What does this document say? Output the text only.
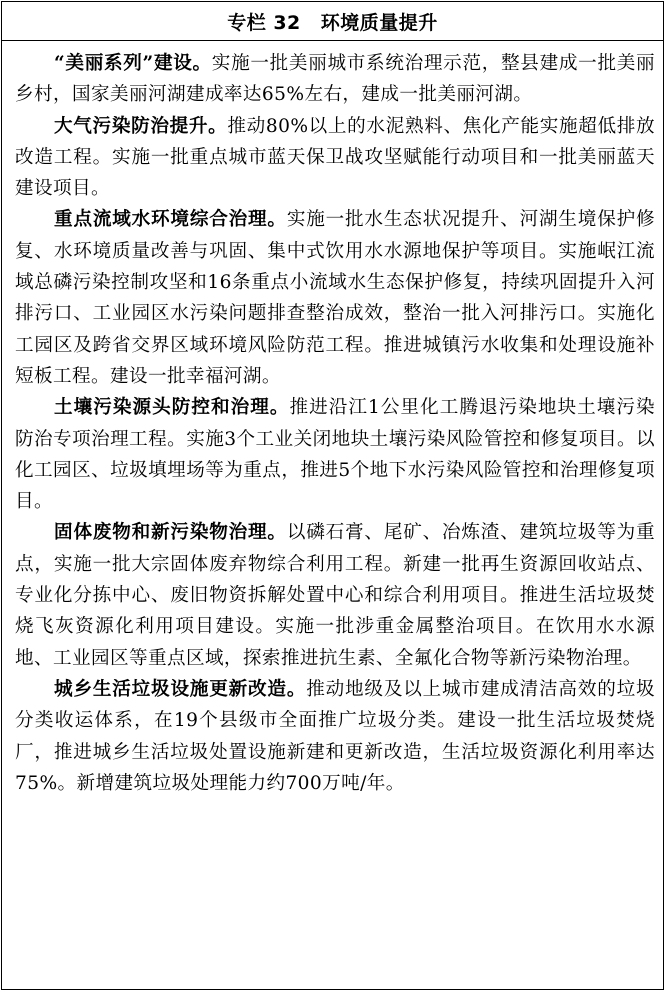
专栏 32 环境质量提升

“美丽系列”建设。实施一批美丽城市系统治理示范，整县建成一批美丽乡村，国家美丽河湖建成率达65%左右，建成一批美丽河湖。

大气污染防治提升。推动80%以上的水泥熟料、焦化产能实施超低排放改造工程。实施一批重点城市蓝天保卫战攻坚赋能行动项目和一批美丽蓝天建设项目。

重点流域水环境综合治理。实施一批水生态状况提升、河湖生境保护修复、水环境质量改善与巩固、集中式饮用水水源地保护等项目。实施岷江流域总磷污染控制攻坚和16条重点小流域水生态保护修复，持续巩固提升入河排污口、工业园区水污染问题排查整治成效，整治一批入河排污口。实施化工园区及跨省交界区域环境风险防范工程。推进城镇污水收集和处理设施补短板工程。建设一批幸福河湖。

土壤污染源头防控和治理。推进沿江1公里化工腾退污染地块土壤污染防治专项治理工程。实施3个工业关闭地块土壤污染风险管控和修复项目。以化工园区、垃圾填埋场等为重点，推进5个地下水污染风险管控和治理修复项目。

固体废物和新污染物治理。以磷石膏、尾矿、冶炼渣、建筑垃圾等为重点，实施一批大宗固体废弃物综合利用工程。新建一批再生资源回收站点、专业化分拣中心、废旧物资拆解处置中心和综合利用项目。推进生活垃圾焚烧飞灰资源化利用项目建设。实施一批涉重金属整治项目。在饮用水水源地、工业园区等重点区域，探索推进抗生素、全氟化合物等新污染物治理。

城乡生活垃圾设施更新改造。推动地级及以上城市建成清洁高效的垃圾分类收运体系，在19个县级市全面推广垃圾分类。建设一批生活垃圾焚烧厂，推进城乡生活垃圾处置设施新建和更新改造，生活垃圾资源化利用率达75%。新增建筑垃圾处理能力约700万吨/年。
